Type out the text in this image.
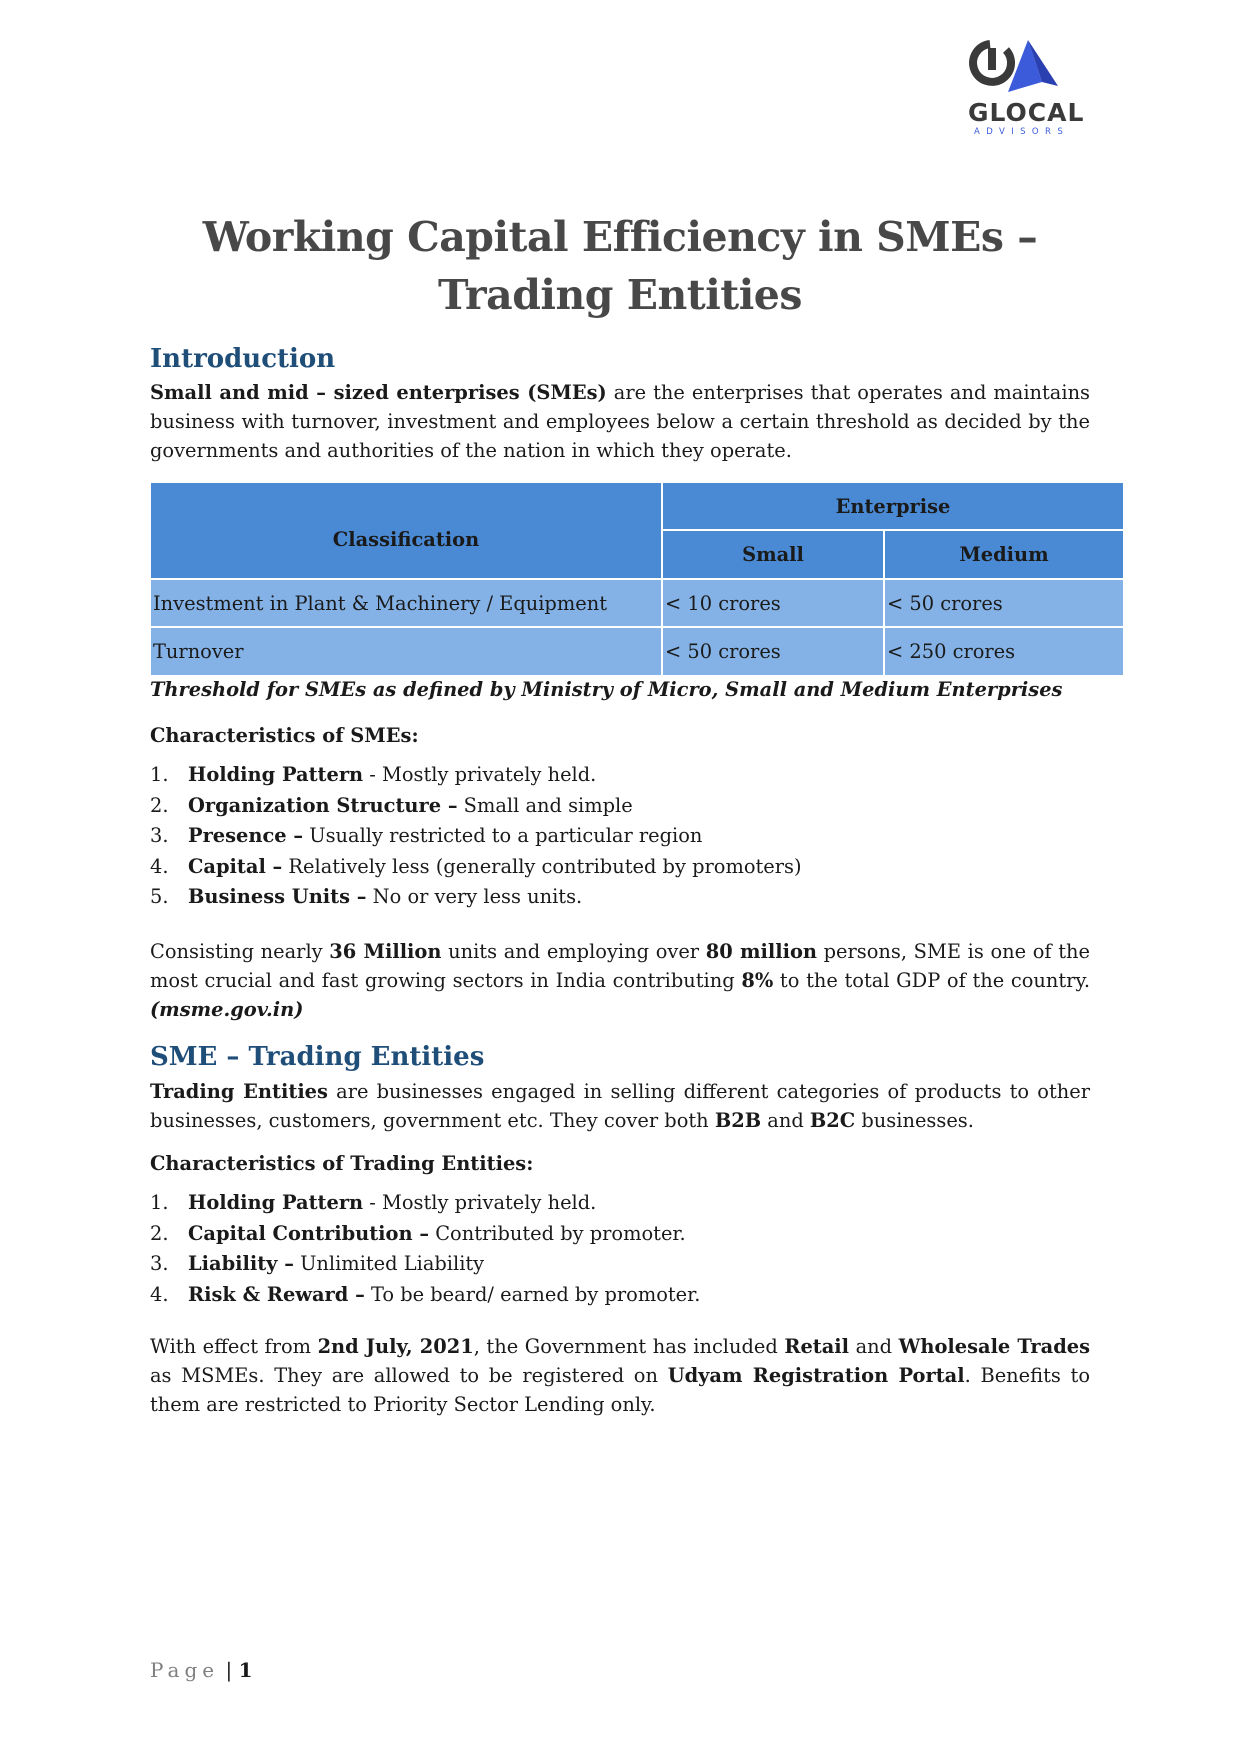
GLOCAL
ADVISORS
Working Capital Efficiency in SMEs –
Trading Entities
Introduction
Small and mid – sized enterprises (SMEs) are the enterprises that operates and maintains business with turnover, investment and employees below a certain threshold as decided by the governments and authorities of the nation in which they operate.
Classification
Enterprise
Small	Medium
Investment in Plant & Machinery / Equipment	< 10 crores	< 50 crores
Turnover	< 50 crores	< 250 crores
Threshold for SMEs as defined by Ministry of Micro, Small and Medium Enterprises
Characteristics of SMEs:
1. Holding Pattern - Mostly privately held.
2. Organization Structure – Small and simple
3. Presence – Usually restricted to a particular region
4. Capital – Relatively less (generally contributed by promoters)
5. Business Units – No or very less units.
Consisting nearly 36 Million units and employing over 80 million persons, SME is one of the most crucial and fast growing sectors in India contributing 8% to the total GDP of the country. (msme.gov.in)
SME – Trading Entities
Trading Entities are businesses engaged in selling different categories of products to other businesses, customers, government etc. They cover both B2B and B2C businesses.
Characteristics of Trading Entities:
1. Holding Pattern - Mostly privately held.
2. Capital Contribution – Contributed by promoter.
3. Liability – Unlimited Liability
4. Risk & Reward – To be beard/ earned by promoter.
With effect from 2nd July, 2021, the Government has included Retail and Wholesale Trades as MSMEs. They are allowed to be registered on Udyam Registration Portal. Benefits to them are restricted to Priority Sector Lending only.
Page | 1
